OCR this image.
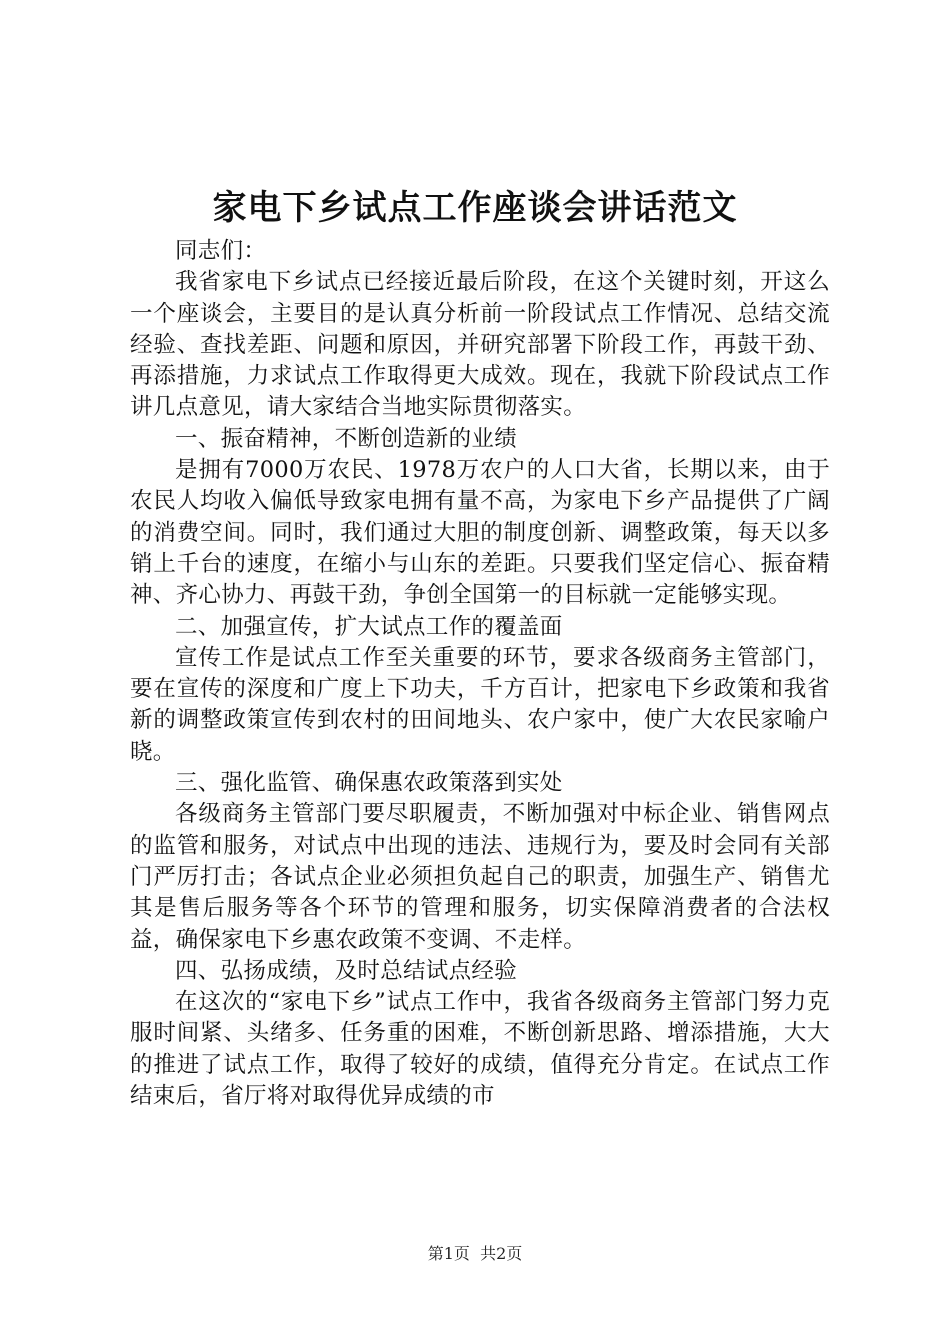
家电下乡试点工作座谈会讲话范文

同志们：

我省家电下乡试点已经接近最后阶段，在这个关键时刻，开这么一个座谈会，主要目的是认真分析前一阶段试点工作情况、总结交流经验、查找差距、问题和原因，并研究部署下阶段工作，再鼓干劲、再添措施，力求试点工作取得更大成效。现在，我就下阶段试点工作讲几点意见，请大家结合当地实际贯彻落实。

一、振奋精神，不断创造新的业绩

是拥有7000万农民、1978万农户的人口大省，长期以来，由于农民人均收入偏低导致家电拥有量不高，为家电下乡产品提供了广阔的消费空间。同时，我们通过大胆的制度创新、调整政策，每天以多销上千台的速度，在缩小与山东的差距。只要我们坚定信心、振奋精神、齐心协力、再鼓干劲，争创全国第一的目标就一定能够实现。

二、加强宣传，扩大试点工作的覆盖面

宣传工作是试点工作至关重要的环节，要求各级商务主管部门，要在宣传的深度和广度上下功夫，千方百计，把家电下乡政策和我省新的调整政策宣传到农村的田间地头、农户家中，使广大农民家喻户晓。

三、强化监管、确保惠农政策落到实处

各级商务主管部门要尽职履责，不断加强对中标企业、销售网点的监管和服务，对试点中出现的违法、违规行为，要及时会同有关部门严厉打击；各试点企业必须担负起自己的职责，加强生产、销售尤其是售后服务等各个环节的管理和服务，切实保障消费者的合法权益，确保家电下乡惠农政策不变调、不走样。

四、弘扬成绩，及时总结试点经验

在这次的“家电下乡”试点工作中，我省各级商务主管部门努力克服时间紧、头绪多、任务重的困难，不断创新思路、增添措施，大大的推进了试点工作，取得了较好的成绩，值得充分肯定。在试点工作结束后，省厅将对取得优异成绩的市

第1页 共2页
